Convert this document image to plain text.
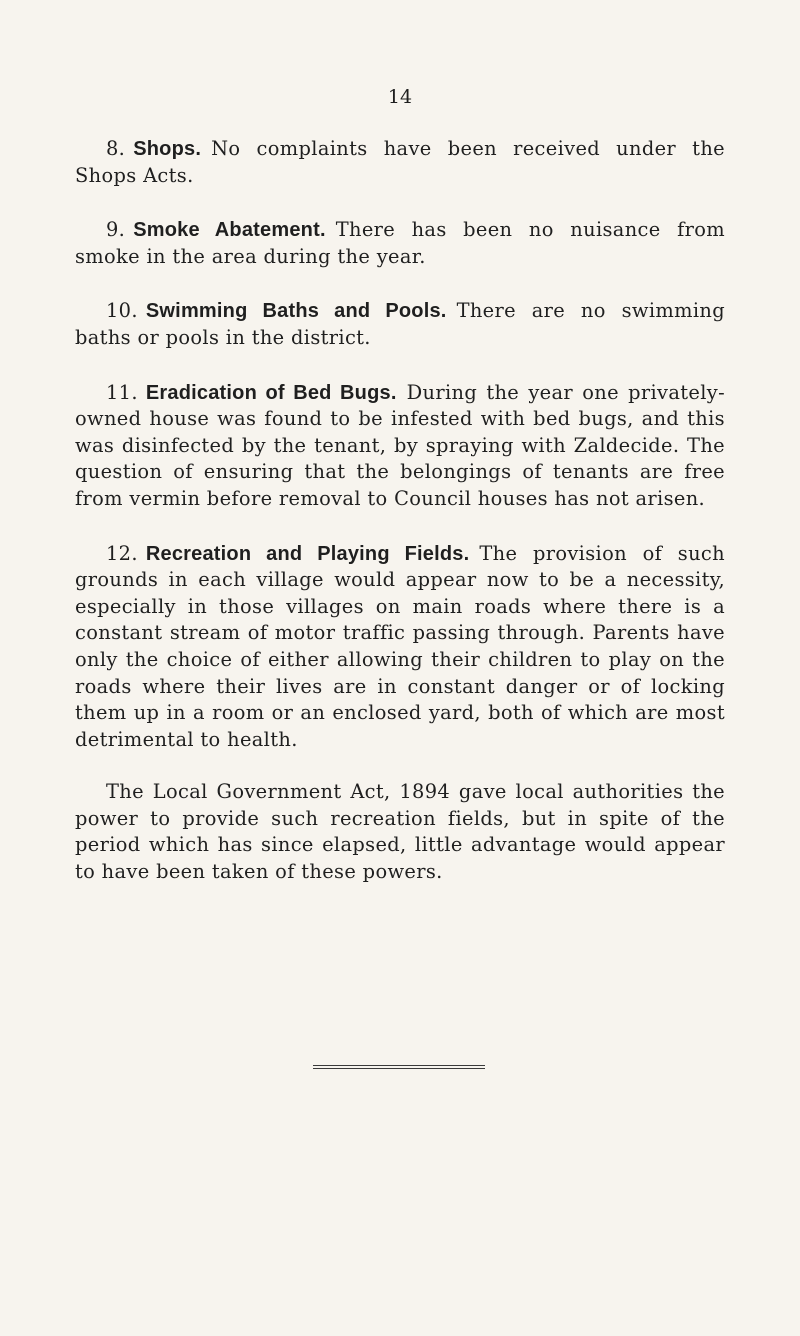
14

8. Shops. No complaints have been received under the Shops Acts.

9. Smoke Abatement. There has been no nuisance from smoke in the area during the year.

10. Swimming Baths and Pools. There are no swimming baths or pools in the district.

11. Eradication of Bed Bugs. During the year one privately-owned house was found to be infested with bed bugs, and this was disinfected by the tenant, by spraying with Zaldecide. The question of ensuring that the belongings of tenants are free from vermin before removal to Council houses has not arisen.

12. Recreation and Playing Fields. The provision of such grounds in each village would appear now to be a necessity, especially in those villages on main roads where there is a constant stream of motor traffic passing through. Parents have only the choice of either allowing their children to play on the roads where their lives are in constant danger or of locking them up in a room or an enclosed yard, both of which are most detrimental to health.

The Local Government Act, 1894 gave local authorities the power to provide such recreation fields, but in spite of the period which has since elapsed, little advantage would appear to have been taken of these powers.
